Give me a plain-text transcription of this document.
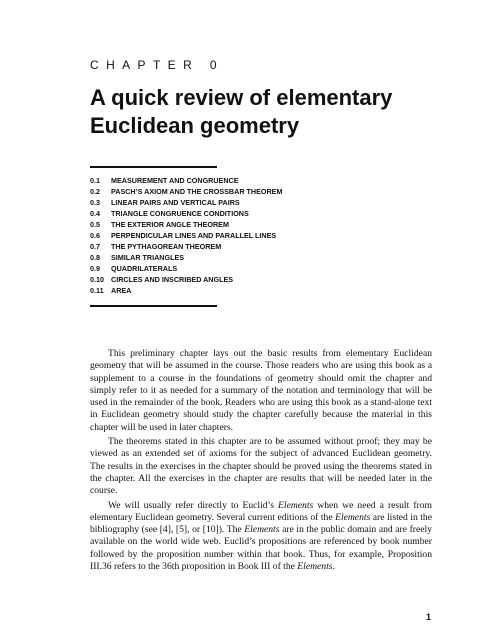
CHAPTER 0
A quick review of elementary
Euclidean geometry
0.1 MEASUREMENT AND CONGRUENCE
0.2 PASCH’S AXIOM AND THE CROSSBAR THEOREM
0.3 LINEAR PAIRS AND VERTICAL PAIRS
0.4 TRIANGLE CONGRUENCE CONDITIONS
0.5 THE EXTERIOR ANGLE THEOREM
0.6 PERPENDICULAR LINES AND PARALLEL LINES
0.7 THE PYTHAGOREAN THEOREM
0.8 SIMILAR TRIANGLES
0.9 QUADRILATERALS
0.10 CIRCLES AND INSCRIBED ANGLES
0.11 AREA

This preliminary chapter lays out the basic results from elementary Euclidean geometry that will be assumed in the course. Those readers who are using this book as a supplement to a course in the foundations of geometry should omit the chapter and simply refer to it as needed for a summary of the notation and terminology that will be used in the remainder of the book. Readers who are using this book as a stand-alone text in Euclidean geometry should study the chapter carefully because the material in this chapter will be used in later chapters.

The theorems stated in this chapter are to be assumed without proof; they may be viewed as an extended set of axioms for the subject of advanced Euclidean geometry. The results in the exercises in the chapter should be proved using the theorems stated in the chapter. All the exercises in the chapter are results that will be needed later in the course.

We will usually refer directly to Euclid’s Elements when we need a result from elementary Euclidean geometry. Several current editions of the Elements are listed in the bibliography (see [4], [5], or [10]). The Elements are in the public domain and are freely available on the world wide web. Euclid’s propositions are referenced by book number followed by the proposition number within that book. Thus, for example, Proposition III.36 refers to the 36th proposition in Book III of the Elements.

1
